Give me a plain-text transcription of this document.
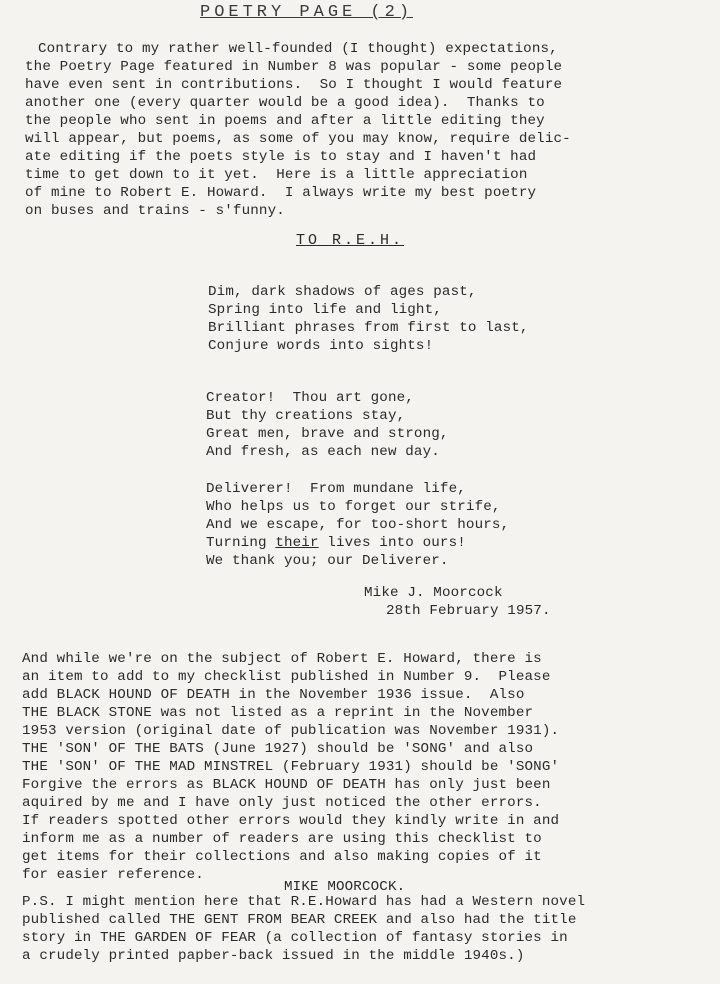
POETRY PAGE (2)
Contrary to my rather well-founded (I thought) expectations,
the Poetry Page featured in Number 8 was popular - some people
have even sent in contributions.  So I thought I would feature
another one (every quarter would be a good idea).  Thanks to
the people who sent in poems and after a little editing they
will appear, but poems, as some of you may know, require delic-
ate editing if the poets style is to stay and I haven't had
time to get down to it yet.  Here is a little appreciation
of mine to Robert E. Howard.  I always write my best poetry
on buses and trains - s'funny.
TO R.E.H.
Dim, dark shadows of ages past,
Spring into life and light,
Brilliant phrases from first to last,
Conjure words into sights!
Creator!  Thou art gone,
But thy creations stay,
Great men, brave and strong,
And fresh, as each new day.
Deliverer!  From mundane life,
Who helps us to forget our strife,
And we escape, for too-short hours,
Turning their lives into ours!
We thank you; our Deliverer.
Mike J. Moorcock
28th February 1957.
And while we're on the subject of Robert E. Howard, there is
an item to add to my checklist published in Number 9.  Please
add BLACK HOUND OF DEATH in the November 1936 issue.  Also
THE BLACK STONE was not listed as a reprint in the November
1953 version (original date of publication was November 1931).
THE 'SON' OF THE BATS (June 1927) should be 'SONG' and also
THE 'SON' OF THE MAD MINSTREL (February 1931) should be 'SONG'
Forgive the errors as BLACK HOUND OF DEATH has only just been
aquired by me and I have only just noticed the other errors.
If readers spotted other errors would they kindly write in and
inform me as a number of readers are using this checklist to
get items for their collections and also making copies of it
for easier reference.
MIKE MOORCOCK.
P.S. I might mention here that R.E.Howard has had a Western novel
published called THE GENT FROM BEAR CREEK and also had the title
story in THE GARDEN OF FEAR (a collection of fantasy stories in
a crudely printed papber-back issued in the middle 1940s.)
